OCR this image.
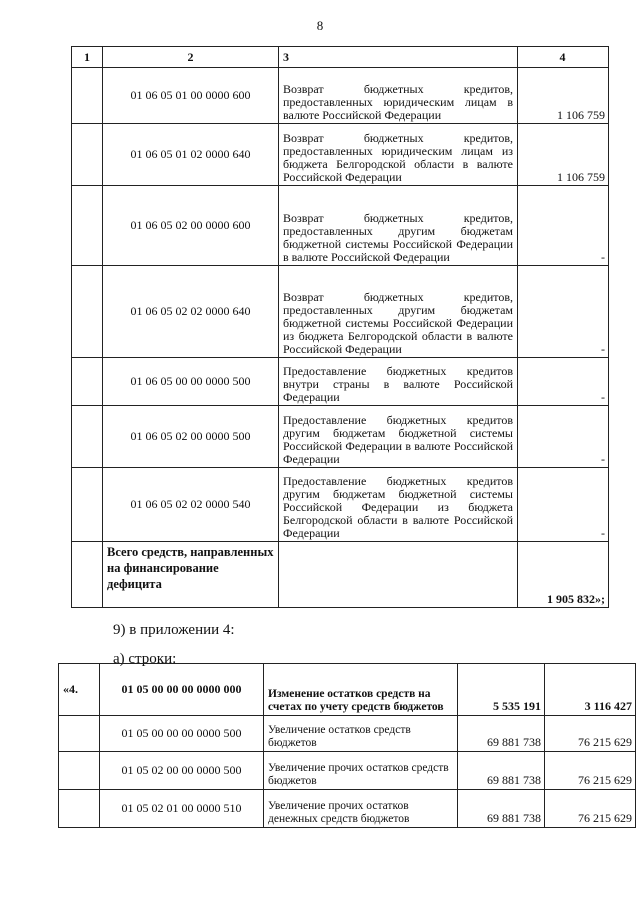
8
1	2	3	4
	01 06 05 01 00 0000 600	Возврат бюджетных кредитов, предоставленных юридическим лицам в валюте Российской Федерации	1 106 759
	01 06 05 01 02 0000 640	Возврат бюджетных кредитов, предоставленных юридическим лицам из бюджета Белгородской области в валюте Российской Федерации	1 106 759
	01 06 05 02 00 0000 600	Возврат бюджетных кредитов, предоставленных другим бюджетам бюджетной системы Российской Федерации в валюте Российской Федерации	-
	01 06 05 02 02 0000 640	Возврат бюджетных кредитов, предоставленных другим бюджетам бюджетной системы Российской Федерации из бюджета Белгородской области в валюте Российской Федерации	-
	01 06 05 00 00 0000 500	Предоставление бюджетных кредитов внутри страны в валюте Российской Федерации	-
	01 06 05 02 00 0000 500	Предоставление бюджетных кредитов другим бюджетам бюджетной системы Российской Федерации в валюте Российской Федерации	-
	01 06 05 02 02 0000 540	Предоставление бюджетных кредитов другим бюджетам бюджетной системы Российской Федерации из бюджета Белгородской области в валюте Российской Федерации	-
	Всего средств, направленных на финансирование дефицита		1 905 832»;
9) в приложении 4:
а) строки:
«4.	01 05 00 00 00 0000 000	Изменение остатков средств на счетах по учету средств бюджетов	5 535 191	3 116 427
	01 05 00 00 00 0000 500	Увеличение остатков средств бюджетов	69 881 738	76 215 629
	01 05 02 00 00 0000 500	Увеличение прочих остатков средств бюджетов	69 881 738	76 215 629
	01 05 02 01 00 0000 510	Увеличение прочих остатков денежных средств бюджетов	69 881 738	76 215 629
